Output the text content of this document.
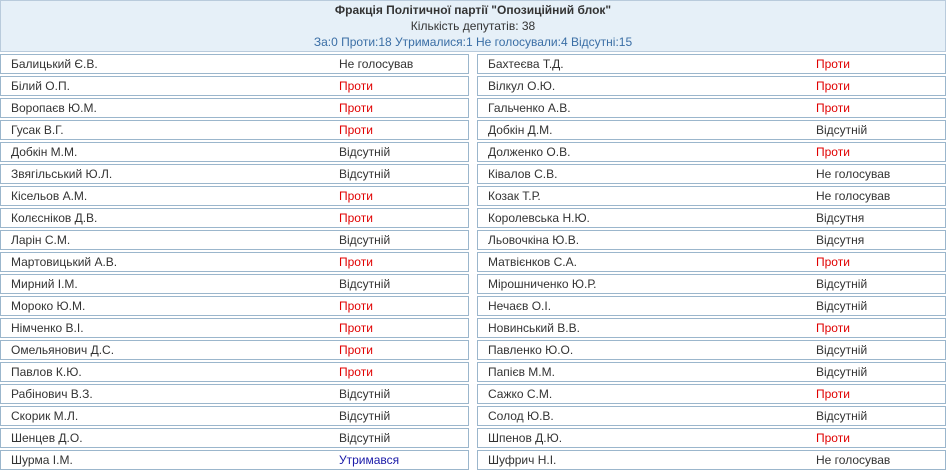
Фракція Політичної партії "Опозиційний блок"
Кількість депутатів: 38
За:0 Проти:18 Утрималися:1 Не голосували:4 Відсутні:15
Балицький Є.В.	Не голосував
Білий О.П.	Проти
Воропаєв Ю.М.	Проти
Гусак В.Г.	Проти
Добкін М.М.	Відсутній
Звягільський Ю.Л.	Відсутній
Кісельов А.М.	Проти
Колєсніков Д.В.	Проти
Ларін С.М.	Відсутній
Мартовицький А.В.	Проти
Мирний І.М.	Відсутній
Мороко Ю.М.	Проти
Німченко В.І.	Проти
Омельянович Д.С.	Проти
Павлов К.Ю.	Проти
Рабінович В.З.	Відсутній
Скорик М.Л.	Відсутній
Шенцев Д.О.	Відсутній
Шурма І.М.	Утримався
Бахтеєва Т.Д.	Проти
Вілкул О.Ю.	Проти
Гальченко А.В.	Проти
Добкін Д.М.	Відсутній
Долженко О.В.	Проти
Ківалов С.В.	Не голосував
Козак Т.Р.	Не голосував
Королевська Н.Ю.	Відсутня
Льовочкіна Ю.В.	Відсутня
Матвієнков С.А.	Проти
Мірошниченко Ю.Р.	Відсутній
Нечаєв О.І.	Відсутній
Новинський В.В.	Проти
Павленко Ю.О.	Відсутній
Папієв М.М.	Відсутній
Сажко С.М.	Проти
Солод Ю.В.	Відсутній
Шпенов Д.Ю.	Проти
Шуфрич Н.І.	Не голосував
